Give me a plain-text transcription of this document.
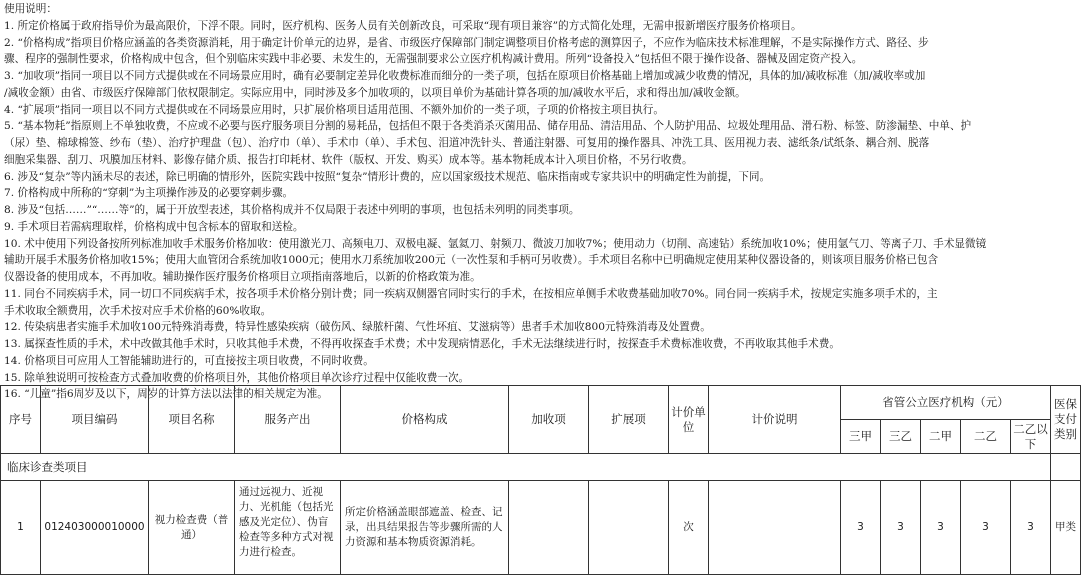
使用说明：
1. 所定价格属于政府指导价为最高限价，下浮不限。同时，医疗机构、医务人员有关创新改良，可采取“现有项目兼容”的方式简化处理，无需申报新增医疗服务价格项目。
2. “价格构成”指项目价格应涵盖的各类资源消耗，用于确定计价单元的边界，是省、市级医疗保障部门制定调整项目价格考虑的测算因子，不应作为临床技术标准理解，不是实际操作方式、路径、步
骤、程序的强制性要求，价格构成中包含，但个别临床实践中非必要、未发生的，无需强制要求公立医疗机构减计费用。所列“设备投入”包括但不限于操作设备、器械及固定资产投入。
3. “加收项”指同一项目以不同方式提供或在不同场景应用时，确有必要制定差异化收费标准而细分的一类子项，包括在原项目价格基础上增加或减少收费的情况，具体的加/减收标准（加/减收率或加
/减收金额）由省、市级医疗保障部门依权限制定。实际应用中，同时涉及多个加收项的，以项目单价为基础计算各项的加/减收水平后，求和得出加/减收金额。
4. “扩展项”指同一项目以不同方式提供或在不同场景应用时，只扩展价格项目适用范围、不额外加价的一类子项，子项的价格按主项目执行。
5. “基本物耗”指原则上不单独收费，不应或不必要与医疗服务项目分割的易耗品，包括但不限于各类消杀灭菌用品、储存用品、清洁用品、个人防护用品、垃圾处理用品、滑石粉、标签、防渗漏垫、中单、护
（尿）垫、棉球棉签、纱布（垫）、治疗护理盘（包）、治疗巾（单）、手术巾（单）、手术包、泪道冲洗针头、普通注射器、可复用的操作器具、冲洗工具、医用视力表、滤纸条/试纸条、耦合剂、脱落
细胞采集器、刮刀、巩膜加压材料、影像存储介质、报告打印耗材、软件（版权、开发、购买）成本等。基本物耗成本计入项目价格，不另行收费。
6. 涉及“复杂”等内涵未尽的表述，除已明确的情形外，医院实践中按照“复杂”情形计费的，应以国家级技术规范、临床指南或专家共识中的明确定性为前提，下同。
7. 价格构成中所称的“穿刺”为主项操作涉及的必要穿刺步骤。
8. 涉及“包括……”“……等”的，属于开放型表述，其价格构成并不仅局限于表述中列明的事项，也包括未列明的同类事项。
9. 手术项目若需病理取样，价格构成中包含标本的留取和送检。
10. 术中使用下列设备按所列标准加收手术服务价格加收：使用激光刀、高频电刀、双极电凝、氩氦刀、射频刀、微波刀加收7%；使用动力（切削、高速钻）系统加收10%；使用氩气刀、等离子刀、手术显微镜
辅助开展手术服务价格加收15%；使用大血管闭合系统加收1000元；使用水刀系统加收200元（一次性泵和手柄可另收费）。手术项目名称中已明确规定使用某种仪器设备的，则该项目服务价格已包含
仪器设备的使用成本，不再加收。辅助操作医疗服务价格项目立项指南落地后，以新的价格政策为准。
11. 同台不同疾病手术，同一切口不同疾病手术，按各项手术价格分别计费；同一疾病双侧器官同时实行的手术，在按相应单侧手术收费基础加收70%。同台同一疾病手术，按规定实施多项手术的，主
手术收取全额费用，次手术按对应手术价格的60%收取。
12. 传染病患者实施手术加收100元特殊消毒费，特异性感染疾病（破伤风、绿脓杆菌、气性坏疽、艾滋病等）患者手术加收800元特殊消毒及处置费。
13. 属探查性质的手术，术中改做其他手术时，只收其他手术费，不得再收探查手术费；术中发现病情恶化，手术无法继续进行时，按探查手术费标准收费，不再收取其他手术费。
14. 价格项目可应用人工智能辅助进行的，可直接按主项目收费，不同时收费。
15. 除单独说明可按检查方式叠加收费的价格项目外，其他价格项目单次诊疗过程中仅能收费一次。
16. “儿童”指6周岁及以下，周岁的计算方法以法律的相关规定为准。
序号	项目编码	项目名称	服务产出	价格构成	加收项	扩展项	计价单位	计价说明	省管公立医疗机构（元）					医保支付类别
									三甲	三乙	二甲	二乙	二乙以下	
临床诊查类项目														
1	012403000010000	视力检查费（普通）	通过远视力、近视力、光机能（包括光感及光定位）、伪盲检查等多种方式对视力进行检查。	所定价格涵盖眼部遮盖、检查、记录，出具结果报告等步骤所需的人力资源和基本物质资源消耗。			次		3	3	3	3	3	甲类
